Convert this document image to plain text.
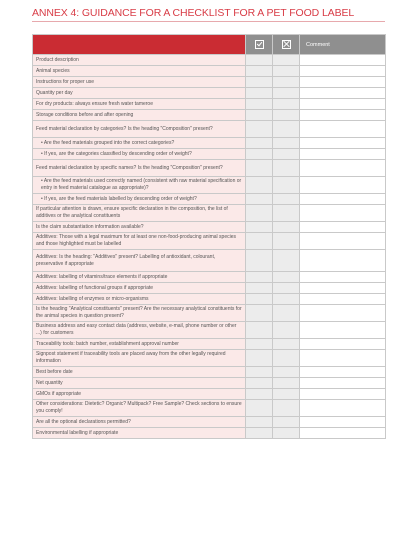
ANNEX 4: GUIDANCE FOR A CHECKLIST FOR A PET FOOD LABEL
			Comment
Product description			
Animal species			
Instructions for proper use			
Quantity per day			
For dry products: always ensure fresh water tameroe			
Storage conditions before and after opening			
Feed material declaration by categories? Is the heading "Composition" present?			
• Are the feed materials grouped into the correct categories?			
• If yes, are the categories classified by descending order of weight?			
Feed material declaration by specific names? Is the heading "Composition" present?			
• Are the feed materials used correctly named (consistent with raw material specification or entry in feed material catalogue as appropriate)?			
• If yes, are the feed materials labelled by descending order of weight?			
If particular attention is drawn, ensure specific declaration in the composition, the list of additives or the analytical constituents			
Is the claim substantiation information available?			
Additives: Those with a legal maximum for at least one non-food-producing animal species and those highlighted must be labelled			
Additives: Is the heading: "Additives" present? Labelling of antioxidant, colourant, preservative if appropriate			
Additives: labelling of vitamins/trace elements if appropriate			
Additives: labelling of functional groups if appropriate			
Additives: labelling of enzymes or micro-organisms			
Is the heading "Analytical constituents" present? Are the necessary analytical constituents for the animal species in question present?			
Business address and easy contact data (address, website, e-mail, phone number or other ...) for customers			
Traceability tools: batch number, establishment approval number			
Signpost statement if traceability tools are placed away from the other legally required information			
Best before date			
Net quantity			
GMOs if appropriate			
Other considerations: Dietetic? Organic? Multipack? Free Sample? Check sections to ensure you comply!			
Are all the optional declarations permitted?			
Environmental labelling if appropriate			
